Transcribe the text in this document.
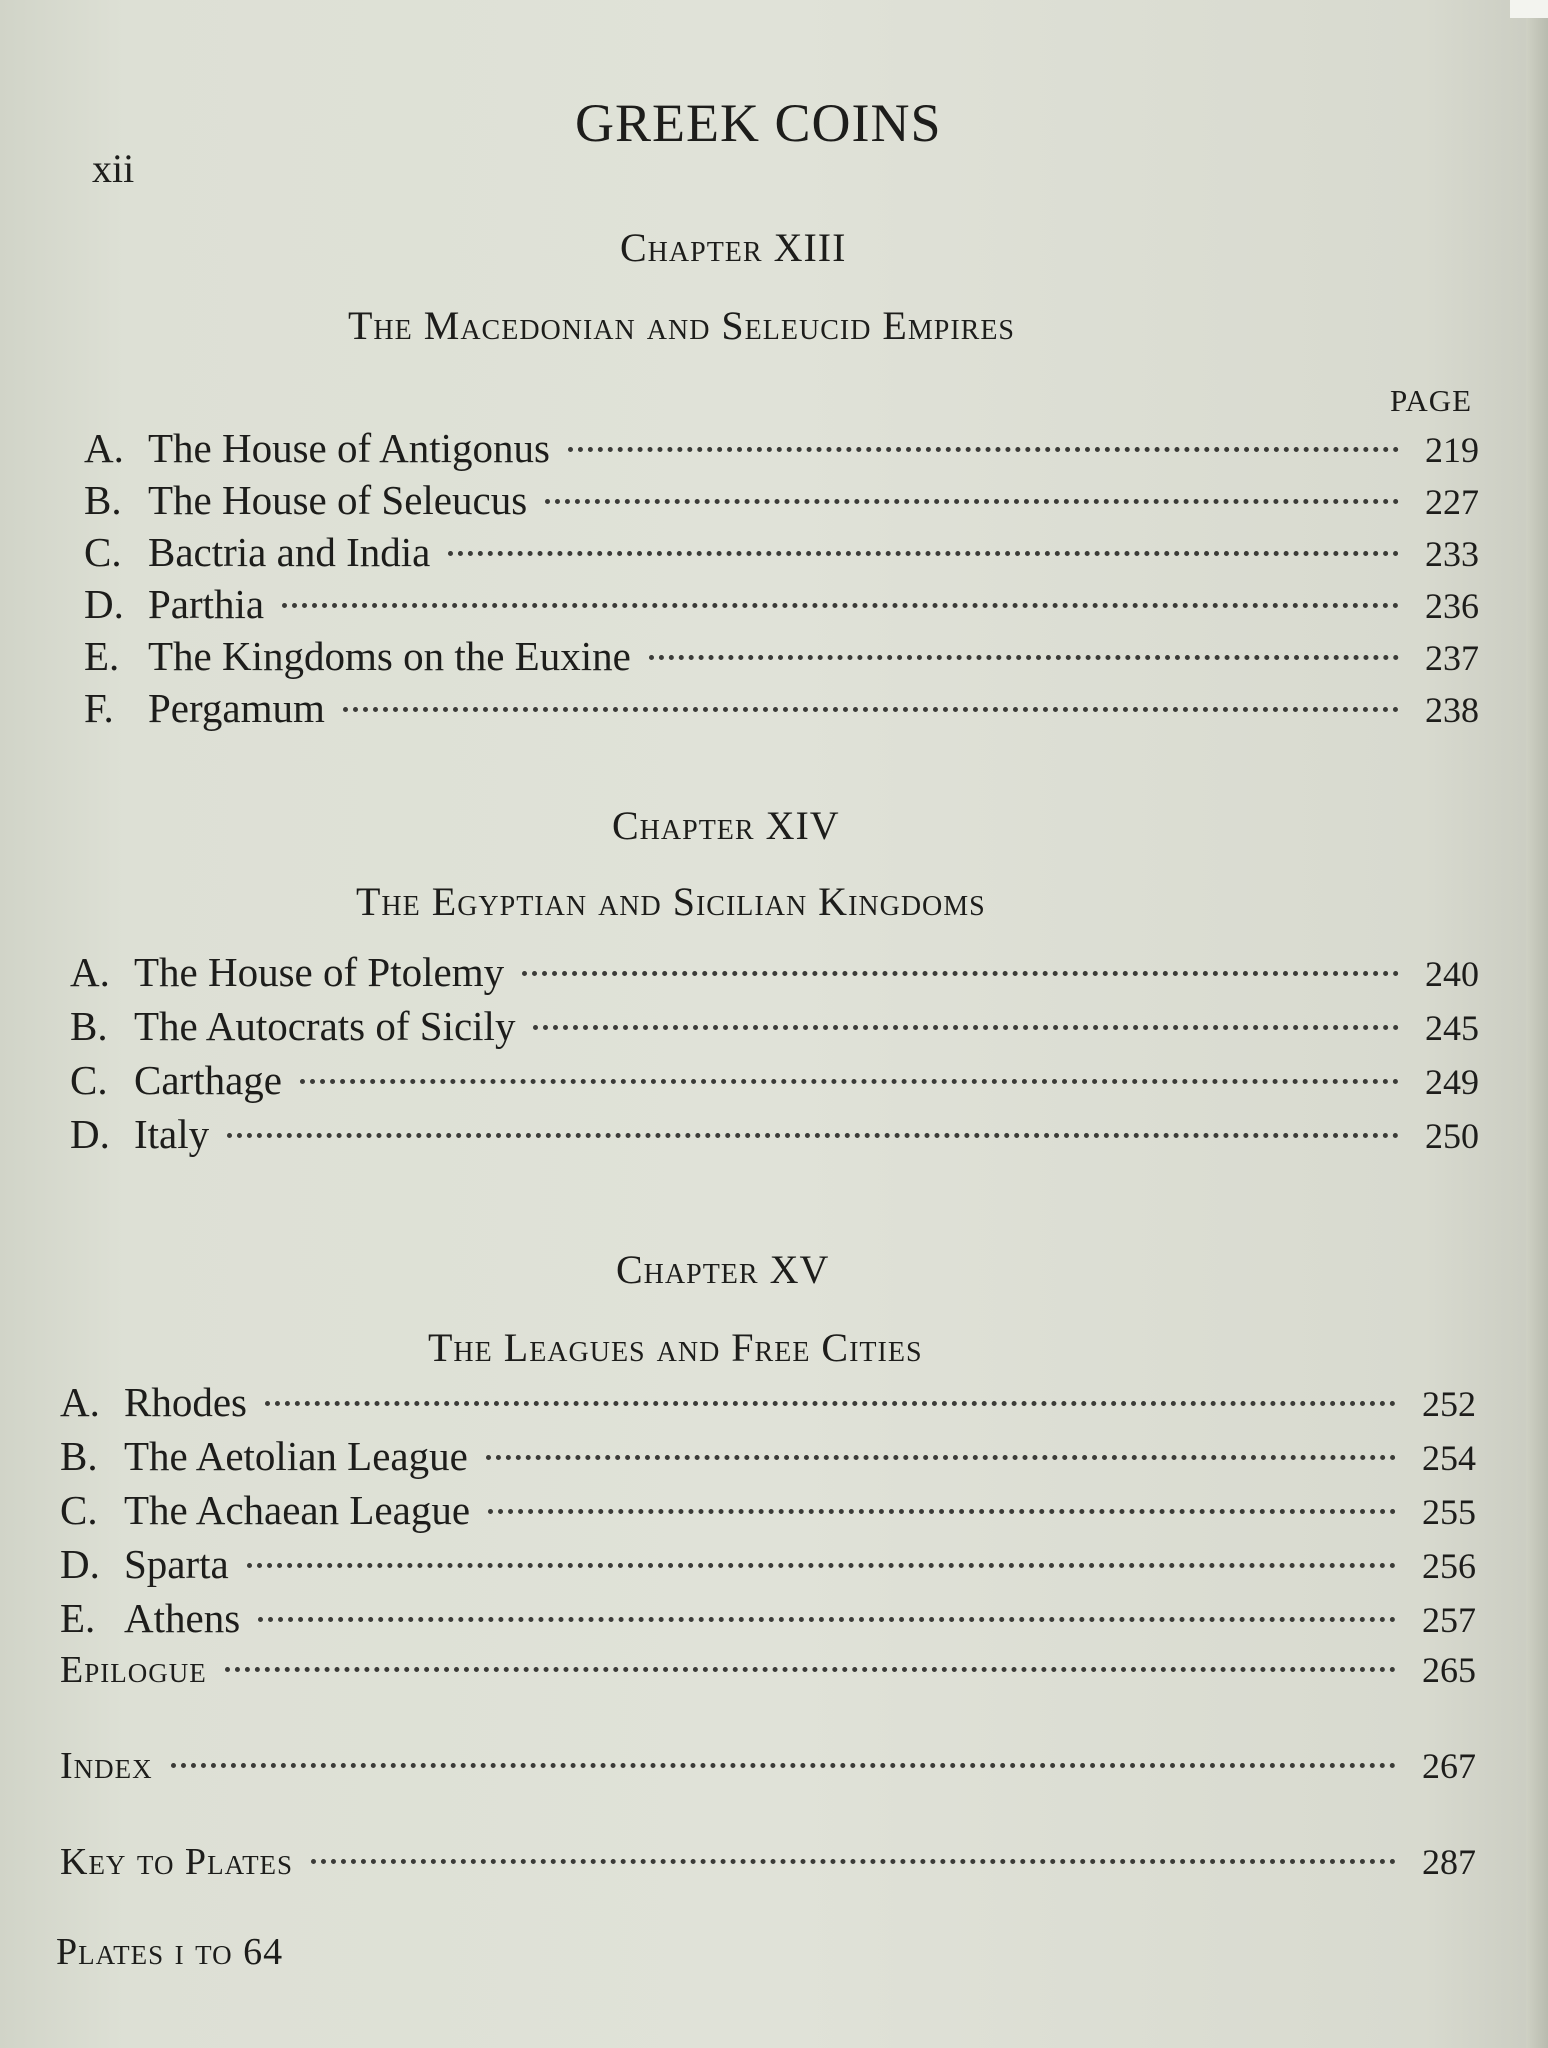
GREEK COINS
xii
Chapter XIII
The Macedonian and Seleucid Empires
PAGE
A. The House of Antigonus	219
B. The House of Seleucus	227
C. Bactria and India	233
D. Parthia	236
E. The Kingdoms on the Euxine	237
F. Pergamum	238
Chapter XIV
The Egyptian and Sicilian Kingdoms
A. The House of Ptolemy	240
B. The Autocrats of Sicily	245
C. Carthage	249
D. Italy	250
Chapter XV
The Leagues and Free Cities
A. Rhodes	252
B. The Aetolian League	254
C. The Achaean League	255
D. Sparta	256
E. Athens	257
Epilogue	265
Index	267
Key to Plates	287
Plates i to 64
